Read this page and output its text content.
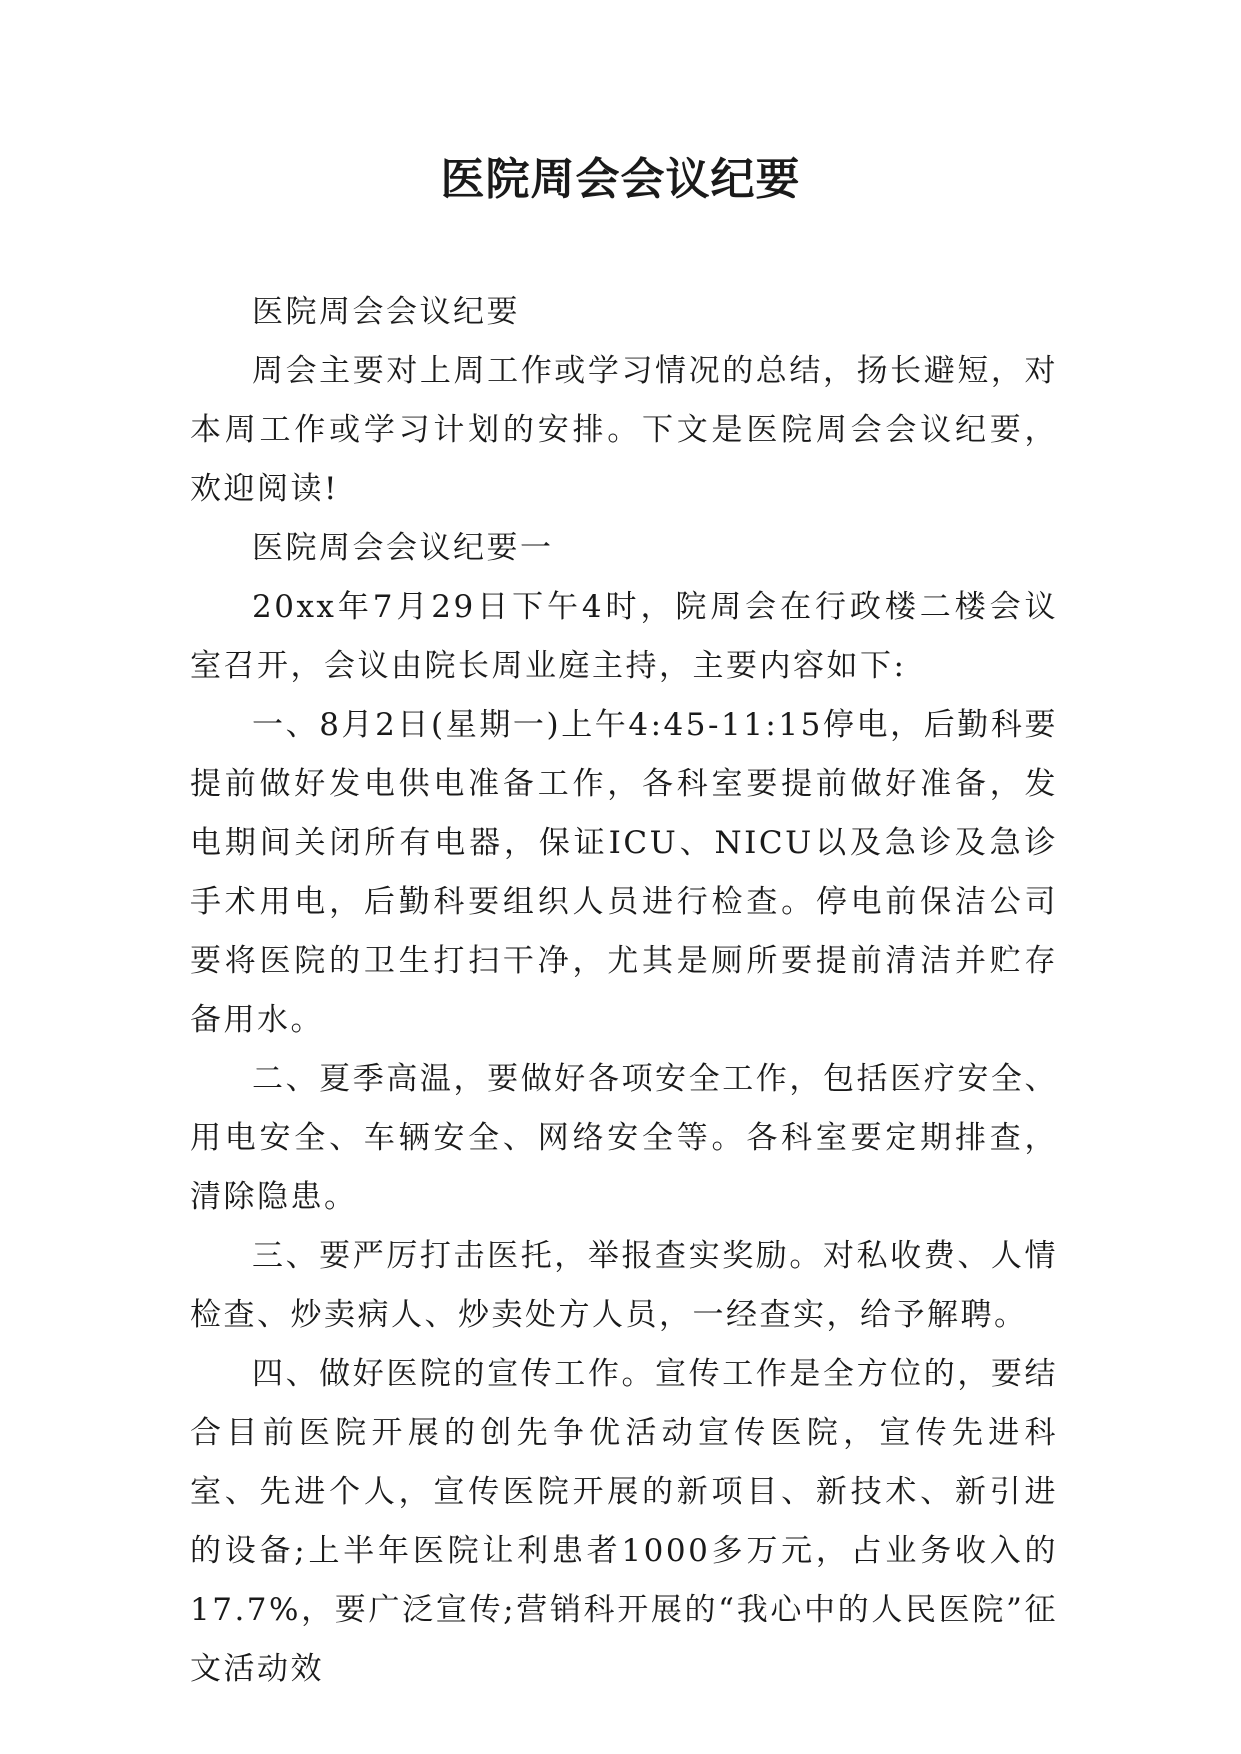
医院周会会议纪要

医院周会会议纪要

周会主要对上周工作或学习情况的总结，扬长避短，对本周工作或学习计划的安排。下文是医院周会会议纪要，欢迎阅读!

医院周会会议纪要一

20xx年7月29日下午4时，院周会在行政楼二楼会议室召开，会议由院长周业庭主持，主要内容如下:

一、8月2日(星期一)上午4:45-11:15停电，后勤科要提前做好发电供电准备工作，各科室要提前做好准备，发电期间关闭所有电器，保证ICU、NICU以及急诊及急诊手术用电，后勤科要组织人员进行检查。停电前保洁公司要将医院的卫生打扫干净，尤其是厕所要提前清洁并贮存备用水。

二、夏季高温，要做好各项安全工作，包括医疗安全、用电安全、车辆安全、网络安全等。各科室要定期排查，清除隐患。

三、要严厉打击医托，举报查实奖励。对私收费、人情检查、炒卖病人、炒卖处方人员，一经查实，给予解聘。

四、做好医院的宣传工作。宣传工作是全方位的，要结合目前医院开展的创先争优活动宣传医院，宣传先进科室、先进个人，宣传医院开展的新项目、新技术、新引进的设备;上半年医院让利患者1000多万元，占业务收入的17.7%，要广泛宣传;营销科开展的“我心中的人民医院”征文活动效
